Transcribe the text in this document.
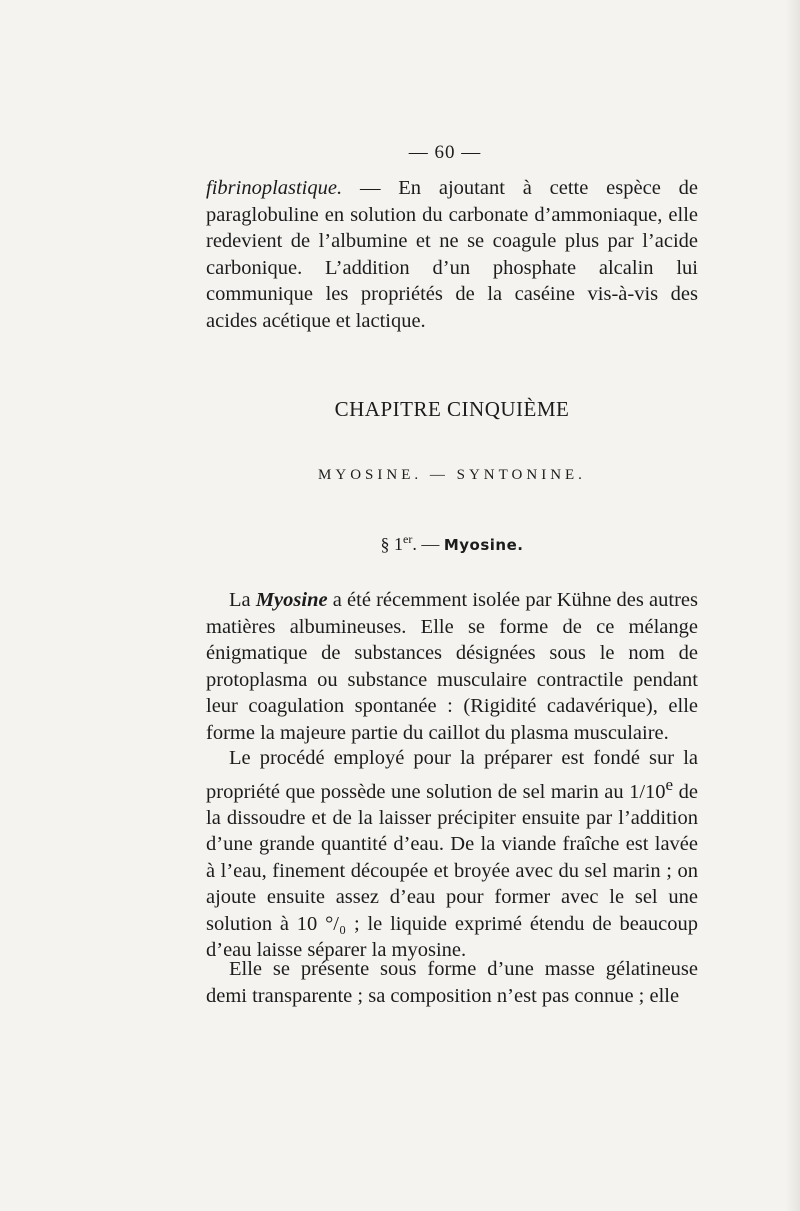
— 60 —

fibrinoplastique. — En ajoutant à cette espèce de paraglobuline en solution du carbonate d’ammoniaque, elle redevient de l’albumine et ne se coagule plus par l’acide carbonique. L’addition d’un phosphate alcalin lui communique les propriétés de la caséine vis-à-vis des acides acétique et lactique.

CHAPITRE CINQUIÈME
MYOSINE. — SYNTONINE.
§ 1er. — Myosine.

La Myosine a été récemment isolée par Kühne des autres matières albumineuses. Elle se forme de ce mélange énigmatique de substances désignées sous le nom de protoplasma ou substance musculaire contractile pendant leur coagulation spontanée : (Rigidité cadavérique), elle forme la majeure partie du caillot du plasma musculaire.

Le procédé employé pour la préparer est fondé sur la propriété que possède une solution de sel marin au 1/10e de la dissoudre et de la laisser précipiter ensuite par l’addition d’une grande quantité d’eau. De la viande fraîche est lavée à l’eau, finement découpée et broyée avec du sel marin ; on ajoute ensuite assez d’eau pour former avec le sel une solution à 10 °/₀ ; le liquide exprimé étendu de beaucoup d’eau laisse séparer la myosine.

Elle se présente sous forme d’une masse gélatineuse demi transparente ; sa composition n’est pas connue ; elle
